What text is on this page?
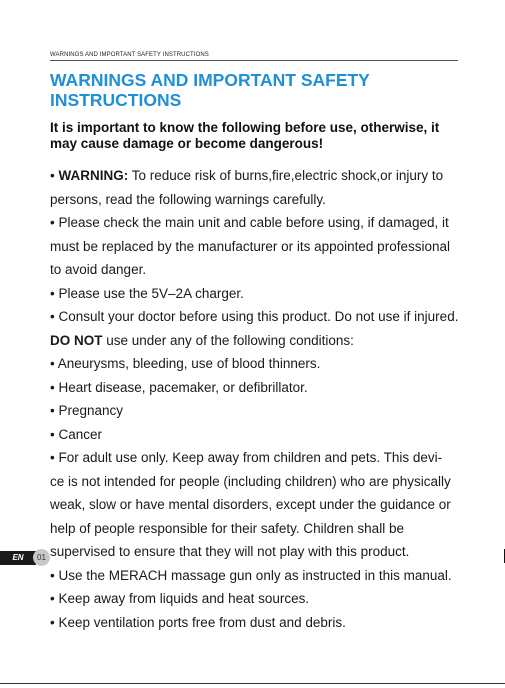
WARNINGS AND IMPORTANT SAFETY INSTRUCTIONS
WARNINGS AND IMPORTANT SAFETY
INSTRUCTIONS
It is important to know the following before use, otherwise, it
may cause damage or become dangerous!

• WARNING: To reduce risk of burns,fire,electric shock,or injury to

persons, read the following warnings carefully.

• Please check the main unit and cable before using, if damaged, it

must be replaced by the manufacturer or its appointed professional

to avoid danger.

• Please use the 5V–2A charger.

• Consult your doctor before using this product. Do not use if injured.

DO NOT use under any of the following conditions:

• Aneurysms, bleeding, use of blood thinners.

• Heart disease, pacemaker, or defibrillator.

• Pregnancy

• Cancer

• For adult use only. Keep away from children and pets. This devi-

ce is not intended for people (including children) who are physically

weak, slow or have mental disorders, except under the guidance or

help of people responsible for their safety. Children shall be

supervised to ensure that they will not play with this product.

• Use the MERACH massage gun only as instructed in this manual.

• Keep away from liquids and heat sources.

• Keep ventilation ports free from dust and debris.

EN	01
